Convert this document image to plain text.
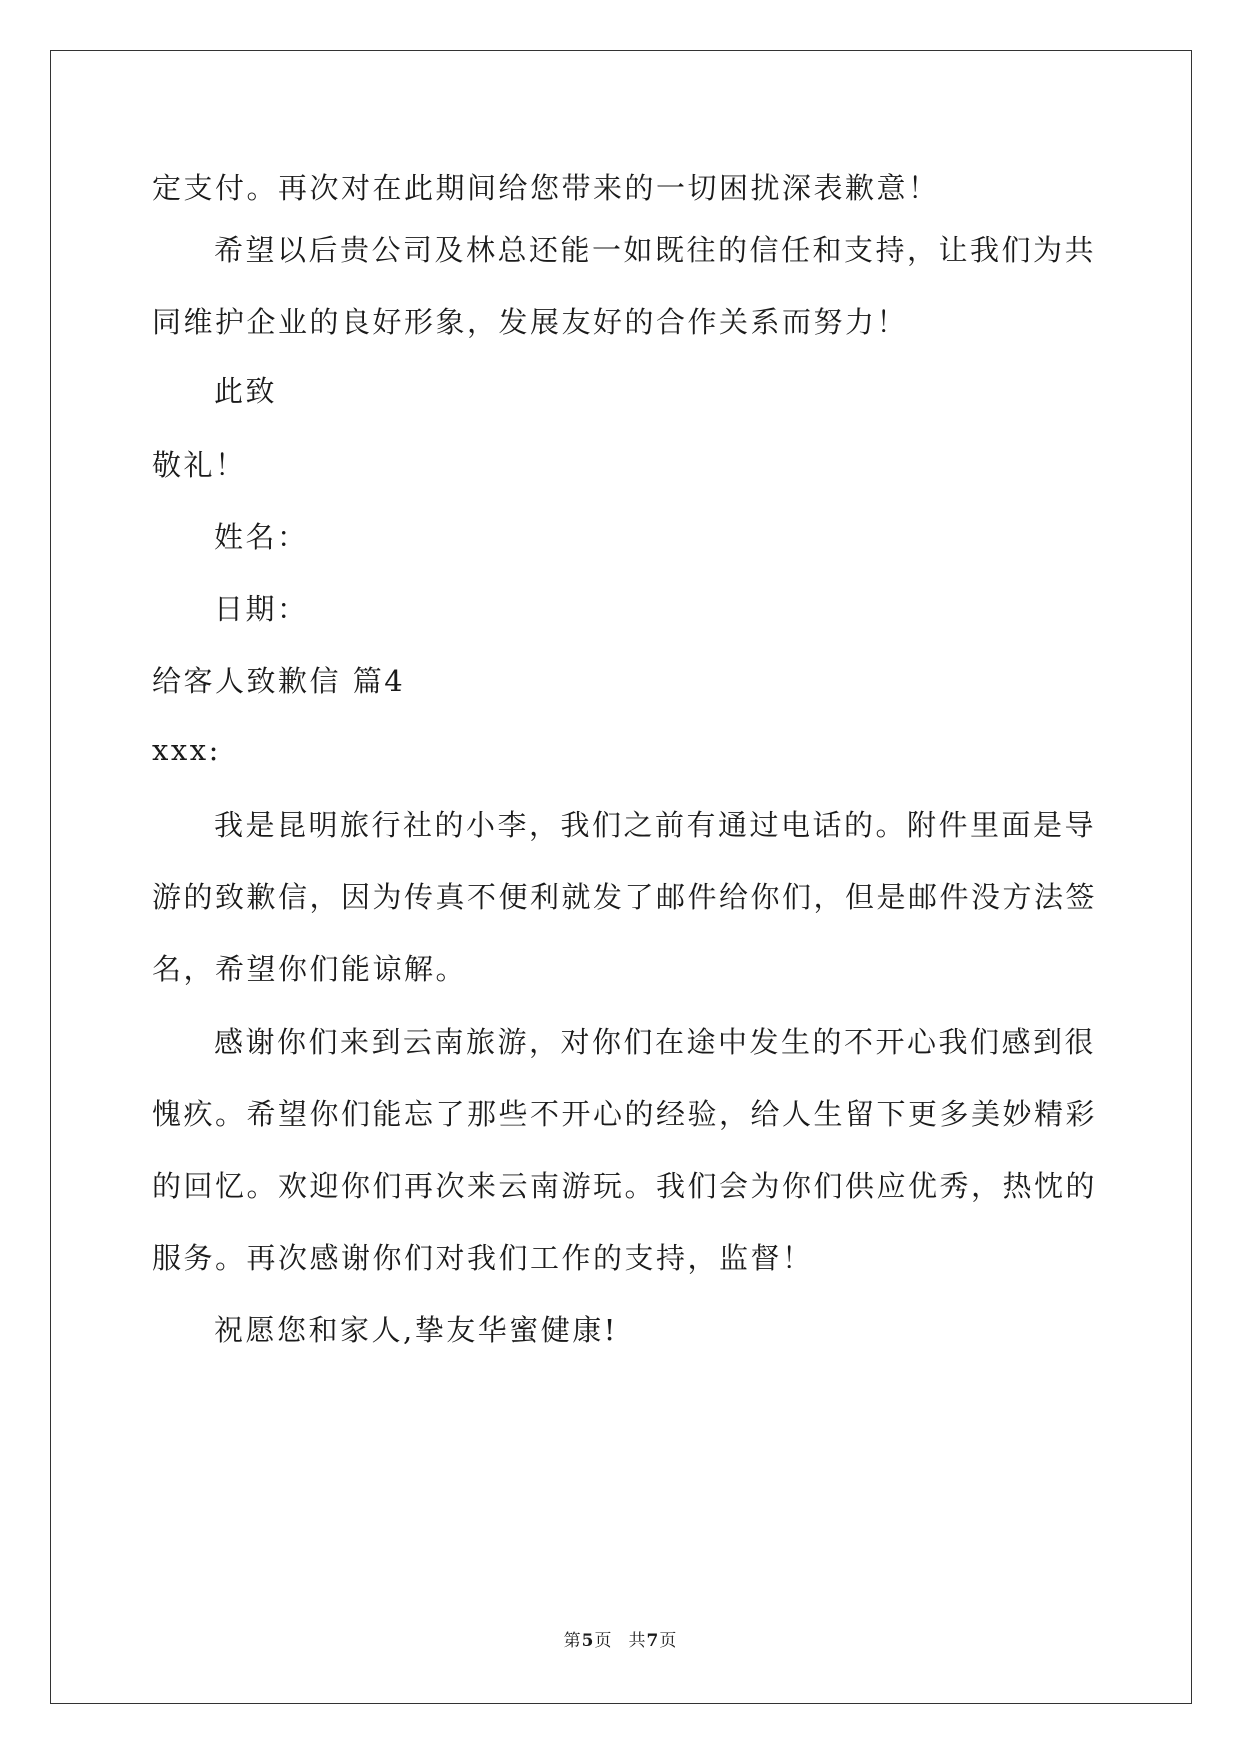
定支付。再次对在此期间给您带来的一切困扰深表歉意！
希望以后贵公司及林总还能一如既往的信任和支持，让我们为共
同维护企业的良好形象，发展友好的合作关系而努力！
此致
敬礼！
姓名：
日期：
给客人致歉信 篇4
xxx:
我是昆明旅行社的小李，我们之前有通过电话的。附件里面是导
游的致歉信，因为传真不便利就发了邮件给你们，但是邮件没方法签
名，希望你们能谅解。
感谢你们来到云南旅游，对你们在途中发生的不开心我们感到很
愧疚。希望你们能忘了那些不开心的经验，给人生留下更多美妙精彩
的回忆。欢迎你们再次来云南游玩。我们会为你们供应优秀，热忱的
服务。再次感谢你们对我们工作的支持，监督！
祝愿您和家人,挚友华蜜健康!
第5页 共7页
